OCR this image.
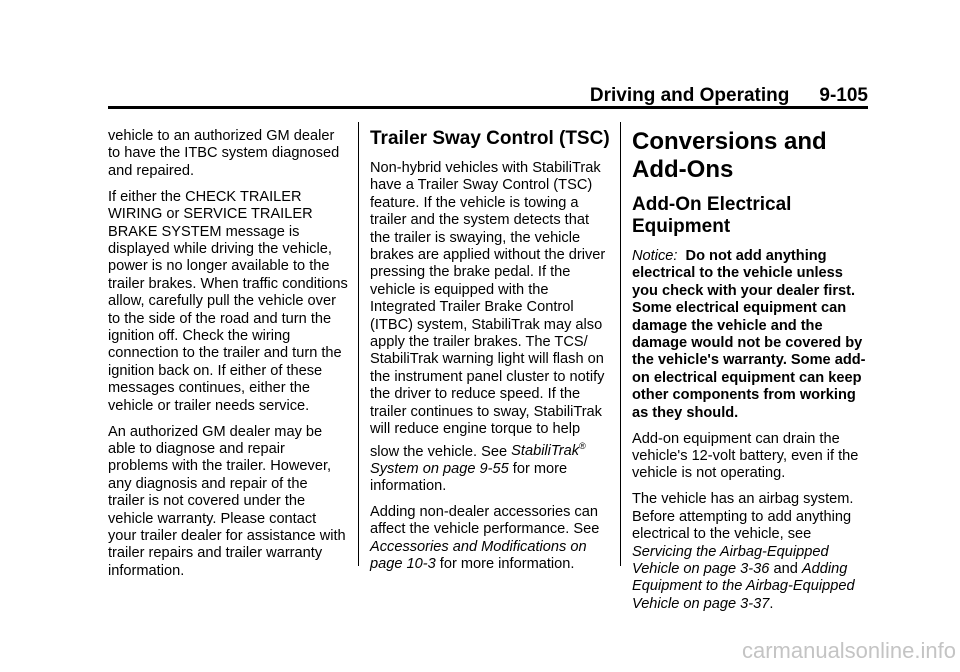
Driving and Operating 9-105

vehicle to an authorized GM dealer to have the ITBC system diagnosed and repaired.

If either the CHECK TRAILER WIRING or SERVICE TRAILER BRAKE SYSTEM message is displayed while driving the vehicle, power is no longer available to the trailer brakes. When traffic conditions allow, carefully pull the vehicle over to the side of the road and turn the ignition off. Check the wiring connection to the trailer and turn the ignition back on. If either of these messages continues, either the vehicle or trailer needs service.

An authorized GM dealer may be able to diagnose and repair problems with the trailer. However, any diagnosis and repair of the trailer is not covered under the vehicle warranty. Please contact your trailer dealer for assistance with trailer repairs and trailer warranty information.

Trailer Sway Control (TSC)

Non-hybrid vehicles with StabiliTrak have a Trailer Sway Control (TSC) feature. If the vehicle is towing a trailer and the system detects that the trailer is swaying, the vehicle brakes are applied without the driver pressing the brake pedal. If the vehicle is equipped with the Integrated Trailer Brake Control (ITBC) system, StabiliTrak may also apply the trailer brakes. The TCS/ StabiliTrak warning light will flash on the instrument panel cluster to notify the driver to reduce speed. If the trailer continues to sway, StabiliTrak will reduce engine torque to help slow the vehicle. See StabiliTrak®
System on page 9-55 for more information.

Adding non-dealer accessories can affect the vehicle performance. See Accessories and Modifications on page 10-3 for more information.

Conversions and Add-Ons
Add-On Electrical Equipment

Notice: Do not add anything electrical to the vehicle unless you check with your dealer first. Some electrical equipment can damage the vehicle and the damage would not be covered by the vehicle's warranty. Some add-on electrical equipment can keep other components from working as they should.

Add-on equipment can drain the vehicle's 12-volt battery, even if the vehicle is not operating.

The vehicle has an airbag system. Before attempting to add anything electrical to the vehicle, see Servicing the Airbag-Equipped Vehicle on page 3-36 and Adding Equipment to the Airbag-Equipped Vehicle on page 3-37.

carmanualsonline.info
